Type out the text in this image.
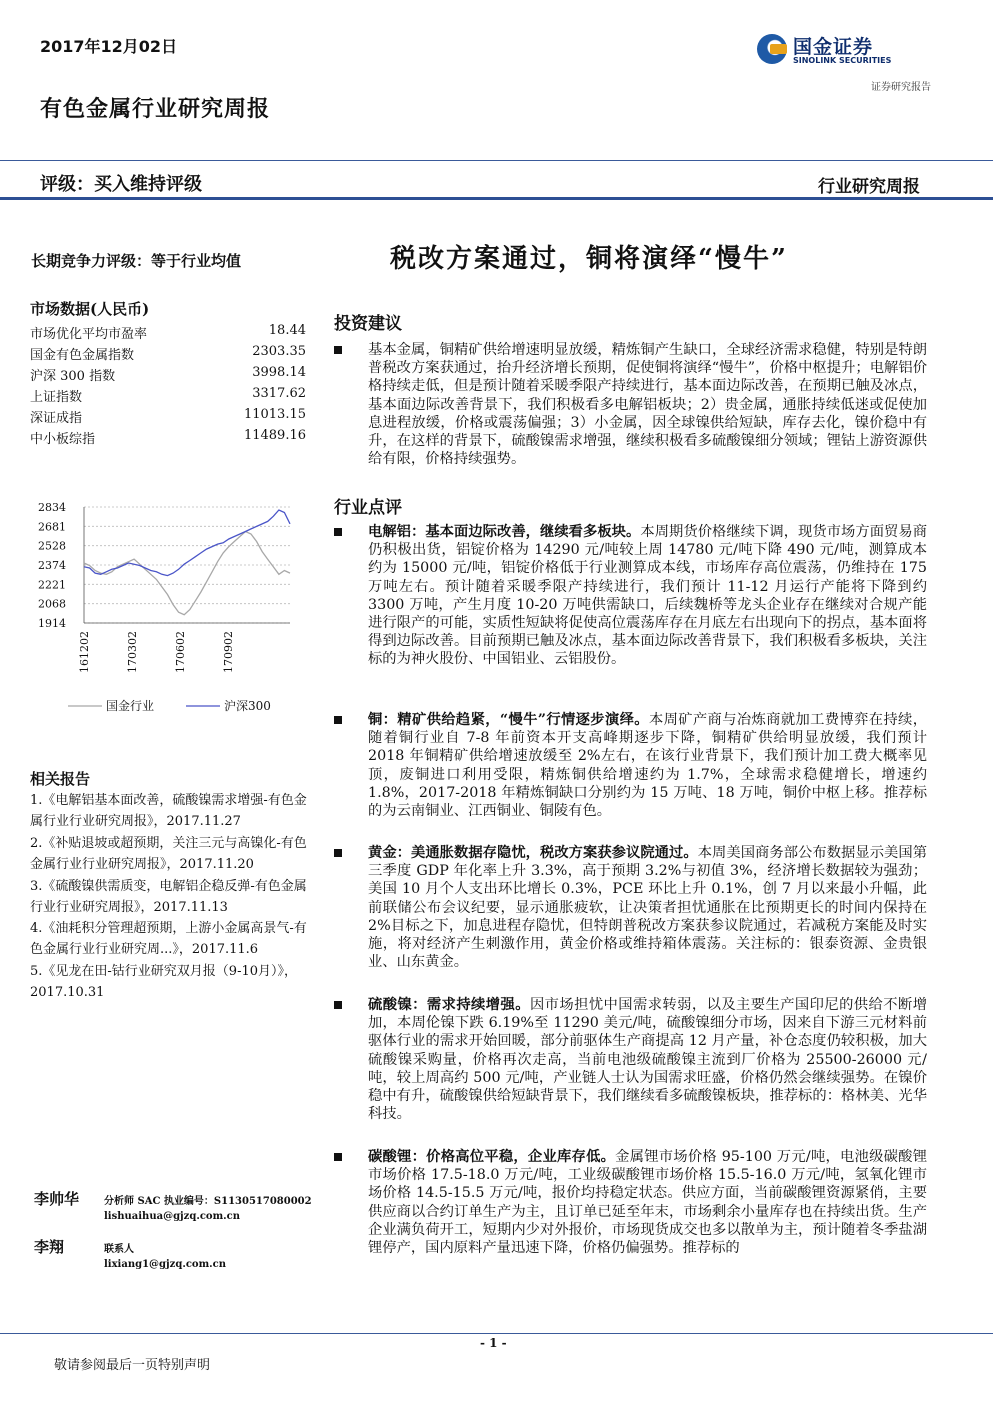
2017年12月02日	国金证券
SINOLINK SECURITIES
证券研究报告
有色金属行业研究周报
评级：买入维持评级	行业研究周报
长期竞争力评级：等于行业均值	税改方案通过，铜将演绎“慢牛”
市场数据(人民币)
市场优化平均市盈率	18.44
国金有色金属指数	2303.35
沪深 300 指数	3998.14
上证指数	3317.62
深证成指	11013.15
中小板综指	11489.16
2834
2681
2528
2374
2221
2068
1914
161202	170302	170602	170902
国金行业	沪深300
相关报告
1.《电解铝基本面改善，硫酸镍需求增强-有色金属行业行业研究周报》，2017.11.27
2.《补贴退坡或超预期，关注三元与高镍化-有色金属行业行业研究周报》，2017.11.20
3.《硫酸镍供需质变，电解铝企稳反弹-有色金属行业行业研究周报》，2017.11.13
4.《油耗积分管理超预期，上游小金属高景气-有色金属行业行业研究周...》，2017.11.6
5.《见龙在田-钴行业研究双月报（9-10月）》，2017.10.31
李帅华 分析师 SAC 执业编号：S1130517080002
lishuaihua@gjzq.com.cn
李翔	联系人
lixiang1@gjzq.com.cn
投资建议
基本金属，铜精矿供给增速明显放缓，精炼铜产生缺口，全球经济需求稳健，特别是特朗普税改方案获通过，抬升经济增长预期，促使铜将演绎“慢牛”，价格中枢提升；电解铝价格持续走低，但是预计随着采暖季限产持续进行，基本面边际改善，在预期已触及冰点，基本面边际改善背景下，我们积极看多电解铝板块；2）贵金属，通胀持续低迷或促使加息进程放缓，价格或震荡偏强；3）小金属，因全球镍供给短缺，库存去化，镍价稳中有升，在这样的背景下，硫酸镍需求增强，继续积极看多硫酸镍细分领域；锂钴上游资源供给有限，价格持续强势。
行业点评
电解铝：基本面边际改善，继续看多板块。本周期货价格继续下调，现货市场方面贸易商仍积极出货，铝锭价格为 14290 元/吨较上周 14780 元/吨下降 490 元/吨，测算成本约为 15000 元/吨，铝锭价格低于行业测算成本线，市场库存高位震荡，仍维持在 175 万吨左右。预计随着采暖季限产持续进行，我们预计 11-12 月运行产能将下降到约 3300 万吨，产生月度 10-20 万吨供需缺口，后续魏桥等龙头企业存在继续对合规产能进行限产的可能，实质性短缺将促使高位震荡库存在月底左右出现向下的拐点，基本面将得到边际改善。目前预期已触及冰点，基本面边际改善背景下，我们积极看多板块，关注标的为神火股份、中国铝业、云铝股份。
铜：精矿供给趋紧，“慢牛”行情逐步演绎。本周矿产商与冶炼商就加工费博弈在持续，随着铜行业自 7-8 年前资本开支高峰期逐步下降，铜精矿供给明显放缓，我们预计 2018 年铜精矿供给增速放缓至 2%左右，在该行业背景下，我们预计加工费大概率见顶，废铜进口利用受限，精炼铜供给增速约为 1.7%，全球需求稳健增长，增速约 1.8%，2017-2018 年精炼铜缺口分别约为 15 万吨、18 万吨，铜价中枢上移。推荐标的为云南铜业、江西铜业、铜陵有色。
黄金：美通胀数据存隐忧，税改方案获参议院通过。本周美国商务部公布数据显示美国第三季度 GDP 年化率上升 3.3%，高于预期 3.2%与初值 3%，经济增长数据较为强劲；美国 10 月个人支出环比增长 0.3%，PCE 环比上升 0.1%，创 7 月以来最小升幅，此前联储公布会议纪要，显示通胀疲软，让决策者担忧通胀在比预期更长的时间内保持在 2%目标之下，加息进程存隐忧，但特朗普税改方案获参议院通过，若减税方案能及时实施，将对经济产生刺激作用，黄金价格或维持箱体震荡。关注标的：银泰资源、金贵银业、山东黄金。
硫酸镍：需求持续增强。因市场担忧中国需求转弱，以及主要生产国印尼的供给不断增加，本周伦镍下跌 6.19%至 11290 美元/吨，硫酸镍细分市场，因来自下游三元材料前驱体行业的需求开始回暖，部分前驱体生产商提高 12 月产量，补仓态度仍较积极，加大硫酸镍采购量，价格再次走高，当前电池级硫酸镍主流到厂价格为 25500-26000 元/吨，较上周高约 500 元/吨，产业链人士认为国需求旺盛，价格仍然会继续强势。在镍价稳中有升，硫酸镍供给短缺背景下，我们继续看多硫酸镍板块，推荐标的：格林美、光华科技。
碳酸锂：价格高位平稳，企业库存低。金属锂市场价格 95-100 万元/吨，电池级碳酸锂市场价格 17.5-18.0 万元/吨，工业级碳酸锂市场价格 15.5-16.0 万元/吨，氢氧化锂市场价格 14.5-15.5 万元/吨，报价均持稳定状态。供应方面，当前碳酸锂资源紧俏，主要供应商以合约订单生产为主，且订单已延至年末，市场剩余小量库存也在持续出货。生产企业满负荷开工，短期内少对外报价，市场现货成交也多以散单为主，预计随着冬季盐湖锂停产，国内原料产量迅速下降，价格仍偏强势。推荐标的
- 1 -
敬请参阅最后一页特别声明
